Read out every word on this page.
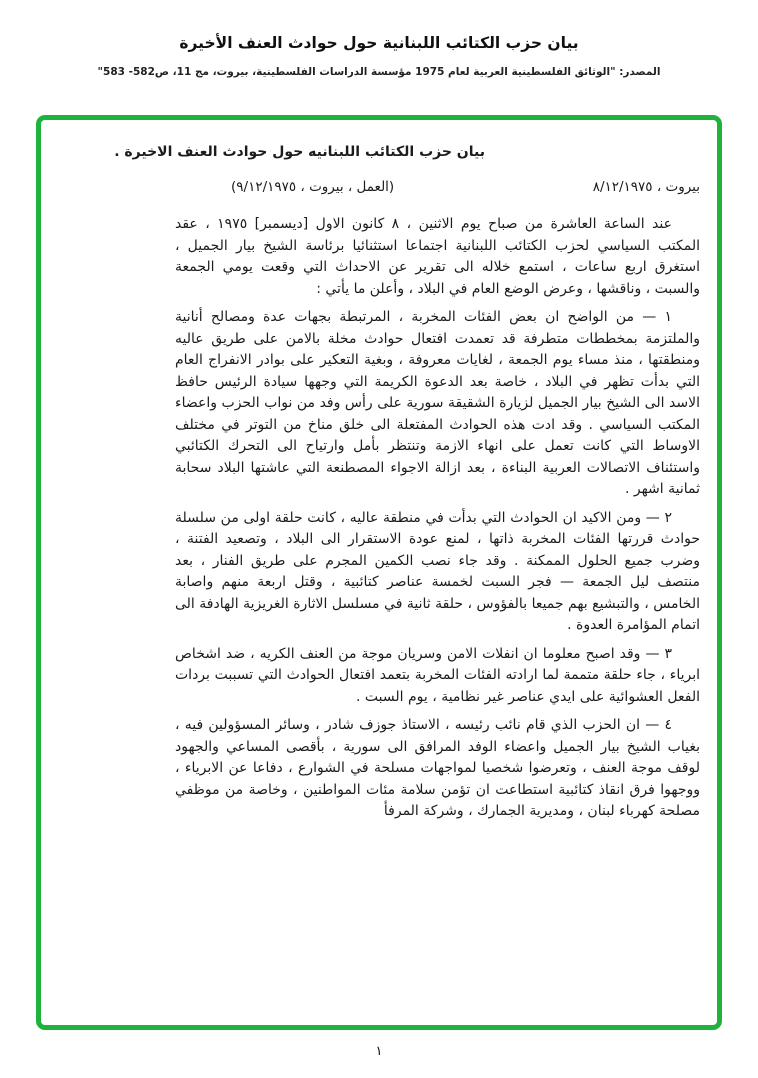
بيان حزب الكتائب اللبنانية حول حوادث العنف الأخيرة
المصدر: "الوثائق الفلسطينية العربية لعام 1975 مؤسسة الدراسات الفلسطينية، بيروت، مج 11، ص582- 583"
بيان حزب الكتائب اللبنانيه حول حوادث العنف الاخيرة .
بيروت ، ٨/١٢/١٩٧٥
(العمل ، بيروت ، ٩/١٢/١٩٧٥)

عند الساعة العاشرة من صباح يوم الاثنين ، ٨ كانون الاول [ديسمبر] ١٩٧٥ ، عقد المكتب السياسي لحزب الكتائب اللبنانية اجتماعا استثنائيا برئاسة الشيخ بيار الجميل ، استغرق اربع ساعات ، استمع خلاله الى تقرير عن الاحداث التي وقعت يومي الجمعة والسبت ، وناقشها ، وعرض الوضع العام في البلاد ، وأعلن ما يأتي :

١ — من الواضح ان بعض الفئات المخربة ، المرتبطة بجهات عدة ومصالح أنانية والملتزمة بمخططات متطرفة قد تعمدت افتعال حوادث مخلة بالامن على طريق عاليه ومنطقتها ، منذ مساء يوم الجمعة ، لغايات معروفة ، وبغية التعكير على بوادر الانفراج العام التي بدأت تظهر في البلاد ، خاصة بعد الدعوة الكريمة التي وجهها سيادة الرئيس حافظ الاسد الى الشيخ بيار الجميل لزيارة الشقيقة سورية على رأس وفد من نواب الحزب واعضاء المكتب السياسي . وقد ادت هذه الحوادث المفتعلة الى خلق مناخ من التوتر في مختلف الاوساط التي كانت تعمل على انهاء الازمة وتنتظر بأمل وارتياح الى التحرك الكتائبي واستئناف الاتصالات العربية البناءة ، بعد ازالة الاجواء المصطنعة التي عاشتها البلاد سحابة ثمانية اشهر .

٢ — ومن الاكيد ان الحوادث التي بدأت في منطقة عاليه ، كانت حلقة اولى من سلسلة حوادث قررتها الفئات المخربة ذاتها ، لمنع عودة الاستقرار الى البلاد ، وتصعيد الفتنة ، وضرب جميع الحلول الممكنة . وقد جاء نصب الكمين المجرم على طريق الفنار ، بعد منتصف ليل الجمعة — فجر السبت لخمسة عناصر كتائبية ، وقتل اربعة منهم واصابة الخامس ، والتبشيع بهم جميعا بالفؤوس ، حلقة ثانية في مسلسل الاثارة الغريزية الهادفة الى اتمام المؤامرة العدوة .

٣ — وقد اصبح معلوما ان انفلات الامن وسريان موجة من العنف الكريه ، ضد اشخاص ابرياء ، جاء حلقة متممة لما ارادته الفئات المخربة بتعمد افتعال الحوادث التي تسببت بردات الفعل العشوائية على ايدي عناصر غير نظامية ، يوم السبت .

٤ — ان الحزب الذي قام نائب رئيسه ، الاستاذ جوزف شادر ، وسائر المسؤولين فيه ، بغياب الشيخ بيار الجميل واعضاء الوفد المرافق الى سورية ، بأقصى المساعي والجهود لوقف موجة العنف ، وتعرضوا شخصيا لمواجهات مسلحة في الشوارع ، دفاعا عن الابرياء ، ووجهوا فرق انقاذ كتائبية استطاعت ان تؤمن سلامة مئات المواطنين ، وخاصة من موظفي مصلحة كهرباء لبنان ، ومديرية الجمارك ، وشركة المرفأ

١
